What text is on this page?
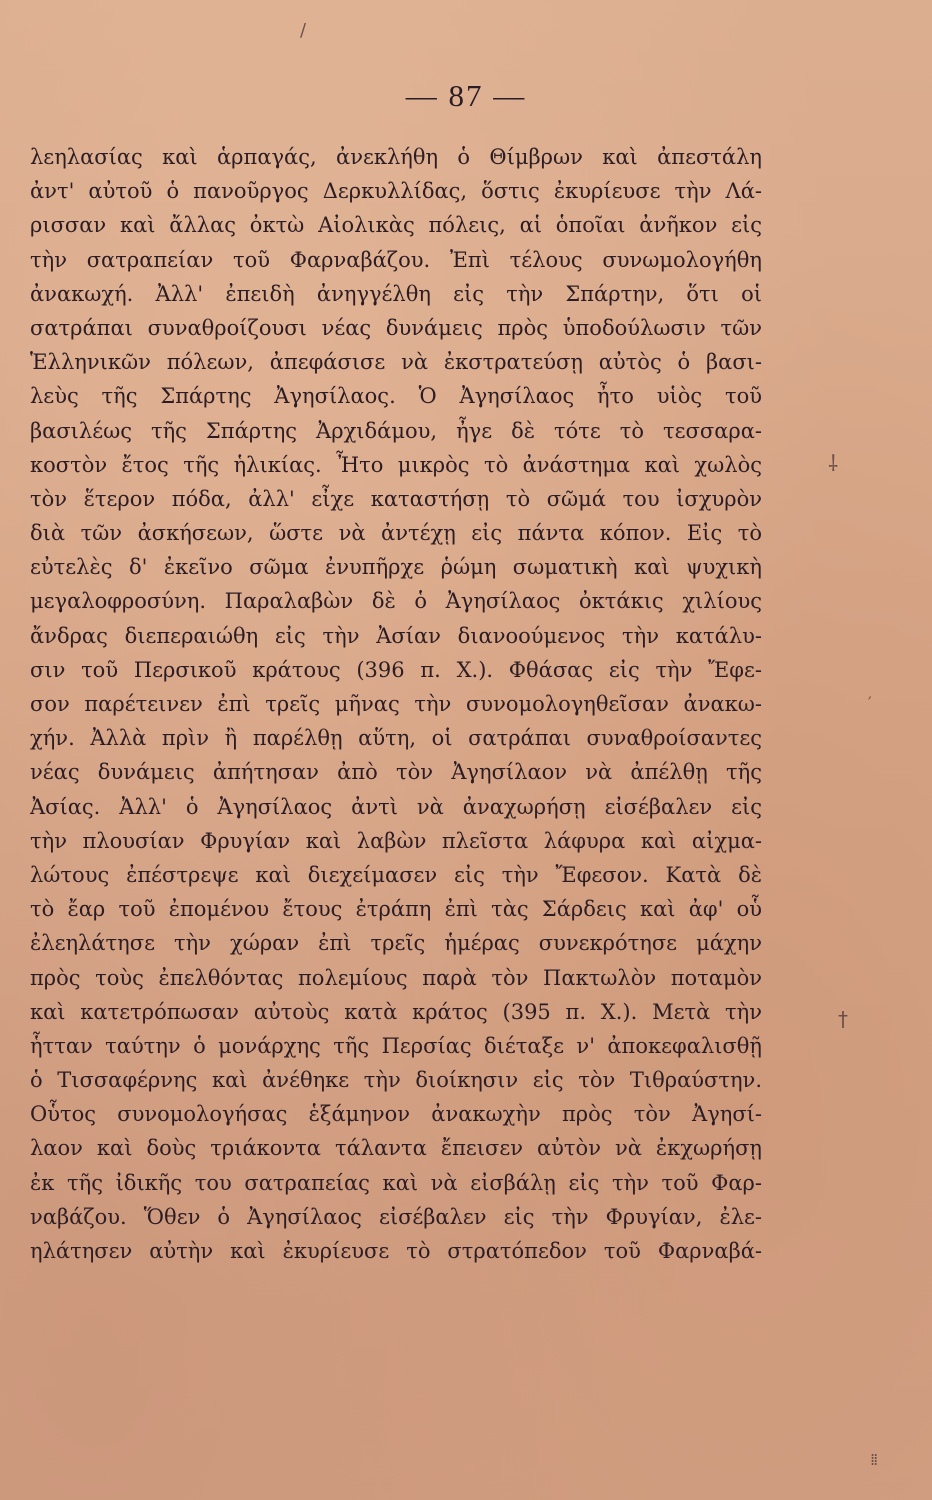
— 87 —
λεηλασίας καὶ ἁρπαγάς, ἀνεκλήθη ὁ Θίμβρων καὶ ἀπεστάλη
ἀντ' αὐτοῦ ὁ πανοῦργος Δερκυλλίδας, ὅστις ἐκυρίευσε τὴν Λά-
ρισσαν καὶ ἄλλας ὀκτὼ Αἰολικὰς πόλεις, αἱ ὁποῖαι ἀνῆκον εἰς
τὴν σατραπείαν τοῦ Φαρναβάζου. Ἐπὶ τέλους συνωμολογήθη
ἀνακωχή. Ἀλλ' ἐπειδὴ ἀνηγγέλθη εἰς τὴν Σπάρτην, ὅτι οἱ
σατράπαι συναθροίζουσι νέας δυνάμεις πρὸς ὑποδούλωσιν τῶν
Ἑλληνικῶν πόλεων, ἀπεφάσισε νὰ ἐκστρατεύσῃ αὐτὸς ὁ βασι-
λεὺς τῆς Σπάρτης Ἀγησίλαος. Ὁ Ἀγησίλαος ἦτο υἱὸς τοῦ
βασιλέως τῆς Σπάρτης Ἀρχιδάμου, ἦγε δὲ τότε τὸ τεσσαρα-
κοστὸν ἔτος τῆς ἡλικίας. Ἦτο μικρὸς τὸ ἀνάστημα καὶ χωλὸς
τὸν ἕτερον πόδα, ἀλλ' εἶχε καταστήσῃ τὸ σῶμά του ἰσχυρὸν
διὰ τῶν ἀσκήσεων, ὥστε νὰ ἀντέχῃ εἰς πάντα κόπον. Εἰς τὸ
εὐτελὲς δ' ἐκεῖνο σῶμα ἐνυπῆρχε ῥώμη σωματικὴ καὶ ψυχικὴ
μεγαλοφροσύνη. Παραλαβὼν δὲ ὁ Ἀγησίλαος ὀκτάκις χιλίους
ἄνδρας διεπεραιώθη εἰς τὴν Ἀσίαν διανοούμενος τὴν κατάλυ-
σιν τοῦ Περσικοῦ κράτους (396 π. Χ.). Φθάσας εἰς τὴν Ἔφε-
σον παρέτεινεν ἐπὶ τρεῖς μῆνας τὴν συνομολογηθεῖσαν ἀνακω-
χήν. Ἀλλὰ πρὶν ἢ παρέλθῃ αὕτη, οἱ σατράπαι συναθροίσαντες
νέας δυνάμεις ἀπήτησαν ἀπὸ τὸν Ἀγησίλαον νὰ ἀπέλθῃ τῆς
Ἀσίας. Ἀλλ' ὁ Ἀγησίλαος ἀντὶ νὰ ἀναχωρήσῃ εἰσέβαλεν εἰς
τὴν πλουσίαν Φρυγίαν καὶ λαβὼν πλεῖστα λάφυρα καὶ αἰχμα-
λώτους ἐπέστρεψε καὶ διεχείμασεν εἰς τὴν Ἔφεσον. Κατὰ δὲ
τὸ ἔαρ τοῦ ἐπομένου ἔτους ἐτράπη ἐπὶ τὰς Σάρδεις καὶ ἀφ' οὗ
ἐλεηλάτησε τὴν χώραν ἐπὶ τρεῖς ἡμέρας συνεκρότησε μάχην
πρὸς τοὺς ἐπελθόντας πολεμίους παρὰ τὸν Πακτωλὸν ποταμὸν
καὶ κατετρόπωσαν αὐτοὺς κατὰ κράτος (395 π. Χ.). Μετὰ τὴν
ἧτταν ταύτην ὁ μονάρχης τῆς Περσίας διέταξε ν' ἀποκεφαλισθῇ
ὁ Τισσαφέρνης καὶ ἀνέθηκε τὴν διοίκησιν εἰς τὸν Τιθραύστην.
Οὗτος συνομολογήσας ἑξάμηνον ἀνακωχὴν πρὸς τὸν Ἀγησί-
λαον καὶ δοὺς τριάκοντα τάλαντα ἔπεισεν αὐτὸν νὰ ἐκχωρήσῃ
ἐκ τῆς ἰδικῆς του σατραπείας καὶ νὰ εἰσβάλῃ εἰς τὴν τοῦ Φαρ-
ναβάζου. Ὅθεν ὁ Ἀγησίλαος εἰσέβαλεν εἰς τὴν Φρυγίαν, ἐλε-
ηλάτησεν αὐτὴν καὶ ἐκυρίευσε τὸ στρατόπεδον τοῦ Φαρναβά-
⸸
′
†
⁞⁞
/
